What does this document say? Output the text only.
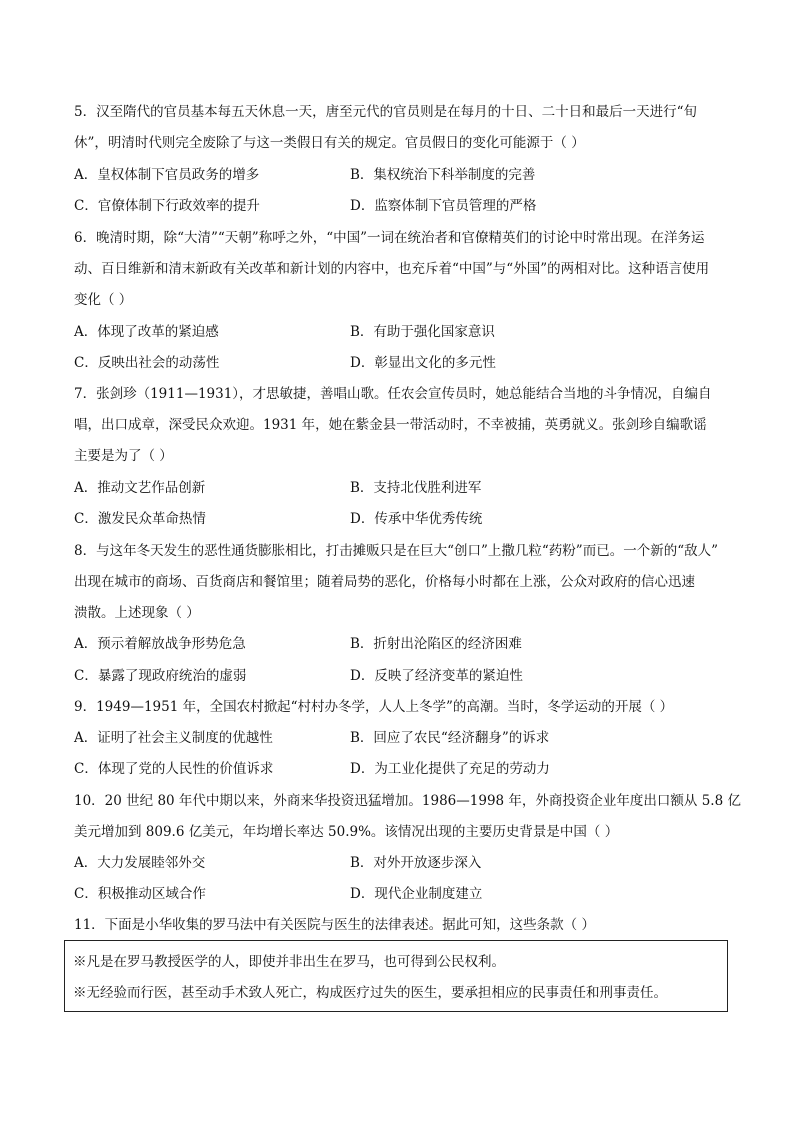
5．汉至隋代的官员基本每五天休息一天，唐至元代的官员则是在每月的十日、二十日和最后一天进行“旬
休”，明清时代则完全废除了与这一类假日有关的规定。官员假日的变化可能源于（ ）
A．皇权体制下官员政务的增多	B．集权统治下科举制度的完善
C．官僚体制下行政效率的提升	D．监察体制下官员管理的严格
6．晚清时期，除“大清”“天朝”称呼之外，“中国”一词在统治者和官僚精英们的讨论中时常出现。在洋务运
动、百日维新和清末新政有关改革和新计划的内容中，也充斥着“中国”与“外国”的两相对比。这种语言使用
变化（ ）
A．体现了改革的紧迫感	B．有助于强化国家意识
C．反映出社会的动荡性	D．彰显出文化的多元性
7．张剑珍（1911—1931），才思敏捷，善唱山歌。任农会宣传员时，她总能结合当地的斗争情况，自编自
唱，出口成章，深受民众欢迎。1931 年，她在紫金县一带活动时，不幸被捕，英勇就义。张剑珍自编歌谣
主要是为了（ ）
A．推动文艺作品创新	B．支持北伐胜利进军
C．激发民众革命热情	D．传承中华优秀传统
8．与这年冬天发生的恶性通货膨胀相比，打击摊贩只是在巨大“创口”上撒几粒“药粉”而已。一个新的“敌人”
出现在城市的商场、百货商店和餐馆里；随着局势的恶化，价格每小时都在上涨，公众对政府的信心迅速
溃散。上述现象（ ）
A．预示着解放战争形势危急	B．折射出沦陷区的经济困难
C．暴露了现政府统治的虚弱	D．反映了经济变革的紧迫性
9．1949—1951 年，全国农村掀起“村村办冬学，人人上冬学”的高潮。当时，冬学运动的开展（ ）
A．证明了社会主义制度的优越性	B．回应了农民“经济翻身”的诉求
C．体现了党的人民性的价值诉求	D．为工业化提供了充足的劳动力
10．20 世纪 80 年代中期以来，外商来华投资迅猛增加。1986—1998 年，外商投资企业年度出口额从 5.8 亿
美元增加到 809.6 亿美元，年均增长率达 50.9%。该情况出现的主要历史背景是中国（ ）
A．大力发展睦邻外交	B．对外开放逐步深入
C．积极推动区域合作	D．现代企业制度建立
11．下面是小华收集的罗马法中有关医院与医生的法律表述。据此可知，这些条款（ ）
※凡是在罗马教授医学的人，即使并非出生在罗马，也可得到公民权利。
※无经验而行医，甚至动手术致人死亡，构成医疗过失的医生，要承担相应的民事责任和刑事责任。
